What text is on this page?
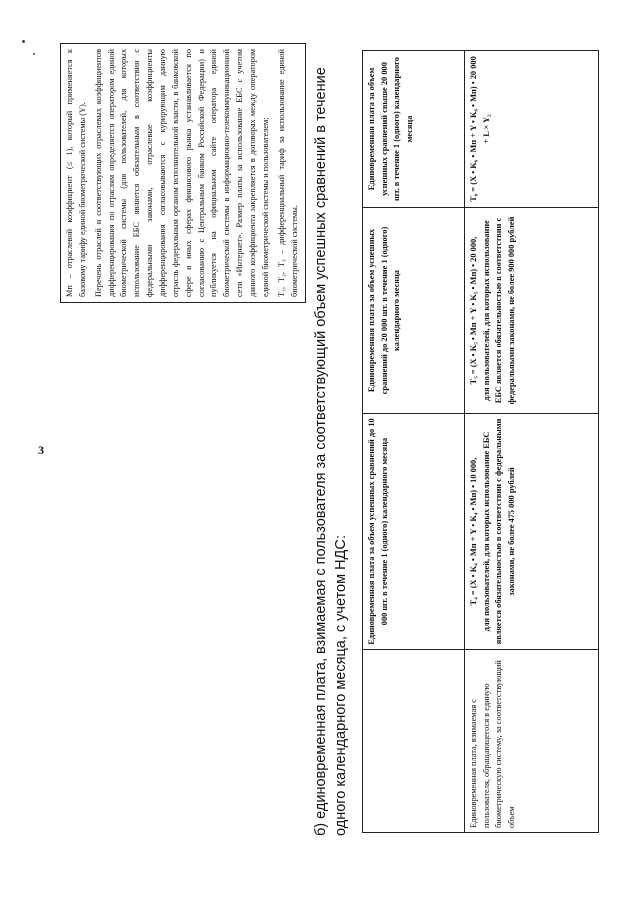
3

Mп – отраслевой коэффициент (≤ 1), который применяется к базовому тарифу единой биометрической системы (Y). Перечень отраслей и соответствующих отраслевых коэффициентов дифференцирования по отраслям определяется оператором единой биометрической системы (для пользователей, для которых использование ЕБС является обязательным в соответствии с федеральными законами, отраслевые коэффициенты дифференцирования согласовываются с курирующим данную отрасль федеральным органом исполнительной власти, в банковской сфере и иных сферах финансового рынка устанавливается по согласованию с Центральным банком Российской Федерации) и публикуется на официальном сайте оператора единой биометрической системы в информационно-телекоммуникационной сети «Интернет». Размер платы за использование ЕБС с учетом данного коэффициента закрепляется в договорах между оператором единой биометрической системы и пользователем; T₁, T₂, T₃ – дифференциальный тариф за использование единой биометрической системы. б) единовременная плата, взимаемая с пользователя за соответствующий объем успешных сравнений в течение одного календарного месяца, с учетом НДС:
	Единовременная плата за объем успешных сравнений до 10 000 шт. в течение 1 (одного) календарного месяца	Единовременная плата за объем успешных сравнений до 20 000 шт. в течение 1 (одного) календарного месяца	Единовременная плата за объем успешных сравнений свыше 20 000 шт. в течение 1 (одного) календарного месяца
Единовременная плата, взимаемая с пользователя, обращающегося в единую биометрическую систему, за соответствующий объем	T₄ = (X • K₄ • Mп + Y • K₄ • Mп) • 10 000, для пользователей, для которых использование ЕБС является обязательностью в соответствии с федеральными законами, не более 475 000 рублей	T₅ = (X • K₅ • Mп + Y • K₅ • Mп) • 20 000, для пользователей, для которых использование ЕБС является обязательностью в соответствии с федеральными законами, не более 900 000 рублей	T₆ = (X • K₆ • Mп + Y • K₆ • Mп) • 20 000 + L × Y₂
